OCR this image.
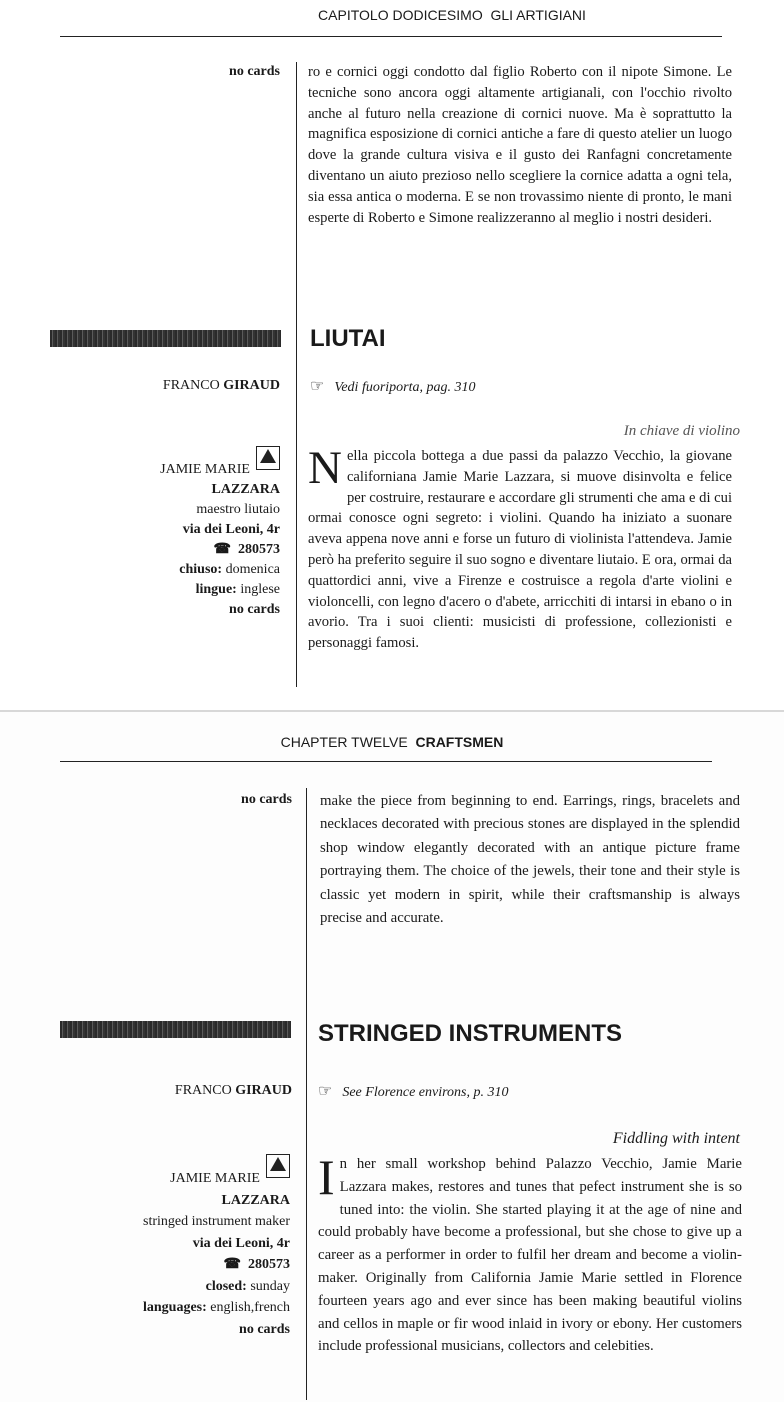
CAPITOLO DODICESIMO GLI ARTIGIANI
no cards ro e cornici oggi condotto dal figlio Roberto con il nipote Simone. Le tecniche sono ancora oggi altamente artigianali, con l'occhio rivolto anche al futuro nella creazione di cornici nuove. Ma è soprattutto la magnifica esposizione di cornici antiche a fare di questo atelier un luogo dove la grande cultura visiva e il gusto dei Ranfagni concretamente diventano un aiuto prezioso nello scegliere la cornice adatta a ogni tela, sia essa antica o moderna. E se non trovassimo niente di pronto, le mani esperte di Roberto e Simone realizzeranno al meglio i nostri desideri.

LIUTAI
FRANCO GIRAUD ☞ Vedi fuoriporta, pag. 310
In chiave di violino
JAMIE MARIE
LAZZARA
maestro liutaio
via dei Leoni, 4r
☎ 280573
chiuso: domenica
lingue: inglese
no cards
N ella piccola bottega a due passi da palazzo Vecchio, la giovane californiana Jamie Marie Lazzara, si muove disinvolta e felice per costruire, restaurare e accordare gli strumenti che ama e di cui ormai conosce ogni segreto: i violini. Quando ha iniziato a suonare aveva appena nove anni e forse un futuro di violinista l'attendeva. Jamie però ha preferito seguire il suo sogno e diventare liutaio. E ora, ormai da quattordici anni, vive a Firenze e costruisce a regola d'arte violini e violoncelli, con legno d'acero o d'abete, arricchiti di intarsi in ebano o in avorio. Tra i suoi clienti: musicisti di professione, collezionisti e personaggi famosi.

CHAPTER TWELVE CRAFTSMEN
no cards make the piece from beginning to end. Earrings, rings, bracelets and necklaces decorated with precious stones are displayed in the splendid shop window elegantly decorated with an antique picture frame portraying them. The choice of the jewels, their tone and their style is classic yet modern in spirit, while their craftsmanship is always precise and accurate.

STRINGED INSTRUMENTS
FRANCO GIRAUD ☞ See Florence environs, p. 310
Fiddling with intent
JAMIE MARIE
LAZZARA
stringed instrument maker
via dei Leoni, 4r
☎ 280573
closed: sunday
languages: english,french
no cards
I n her small workshop behind Palazzo Vecchio, Jamie Marie Lazzara makes, restores and tunes that pefect instrument she is so tuned into: the violin. She started playing it at the age of nine and could probably have become a professional, but she chose to give up a career as a performer in order to fulfil her dream and become a violin-maker. Originally from California Jamie Marie settled in Florence fourteen years ago and ever since has been making beautiful violins and cellos in maple or fir wood inlaid in ivory or ebony. Her customers include professional musicians, collectors and celebities.
